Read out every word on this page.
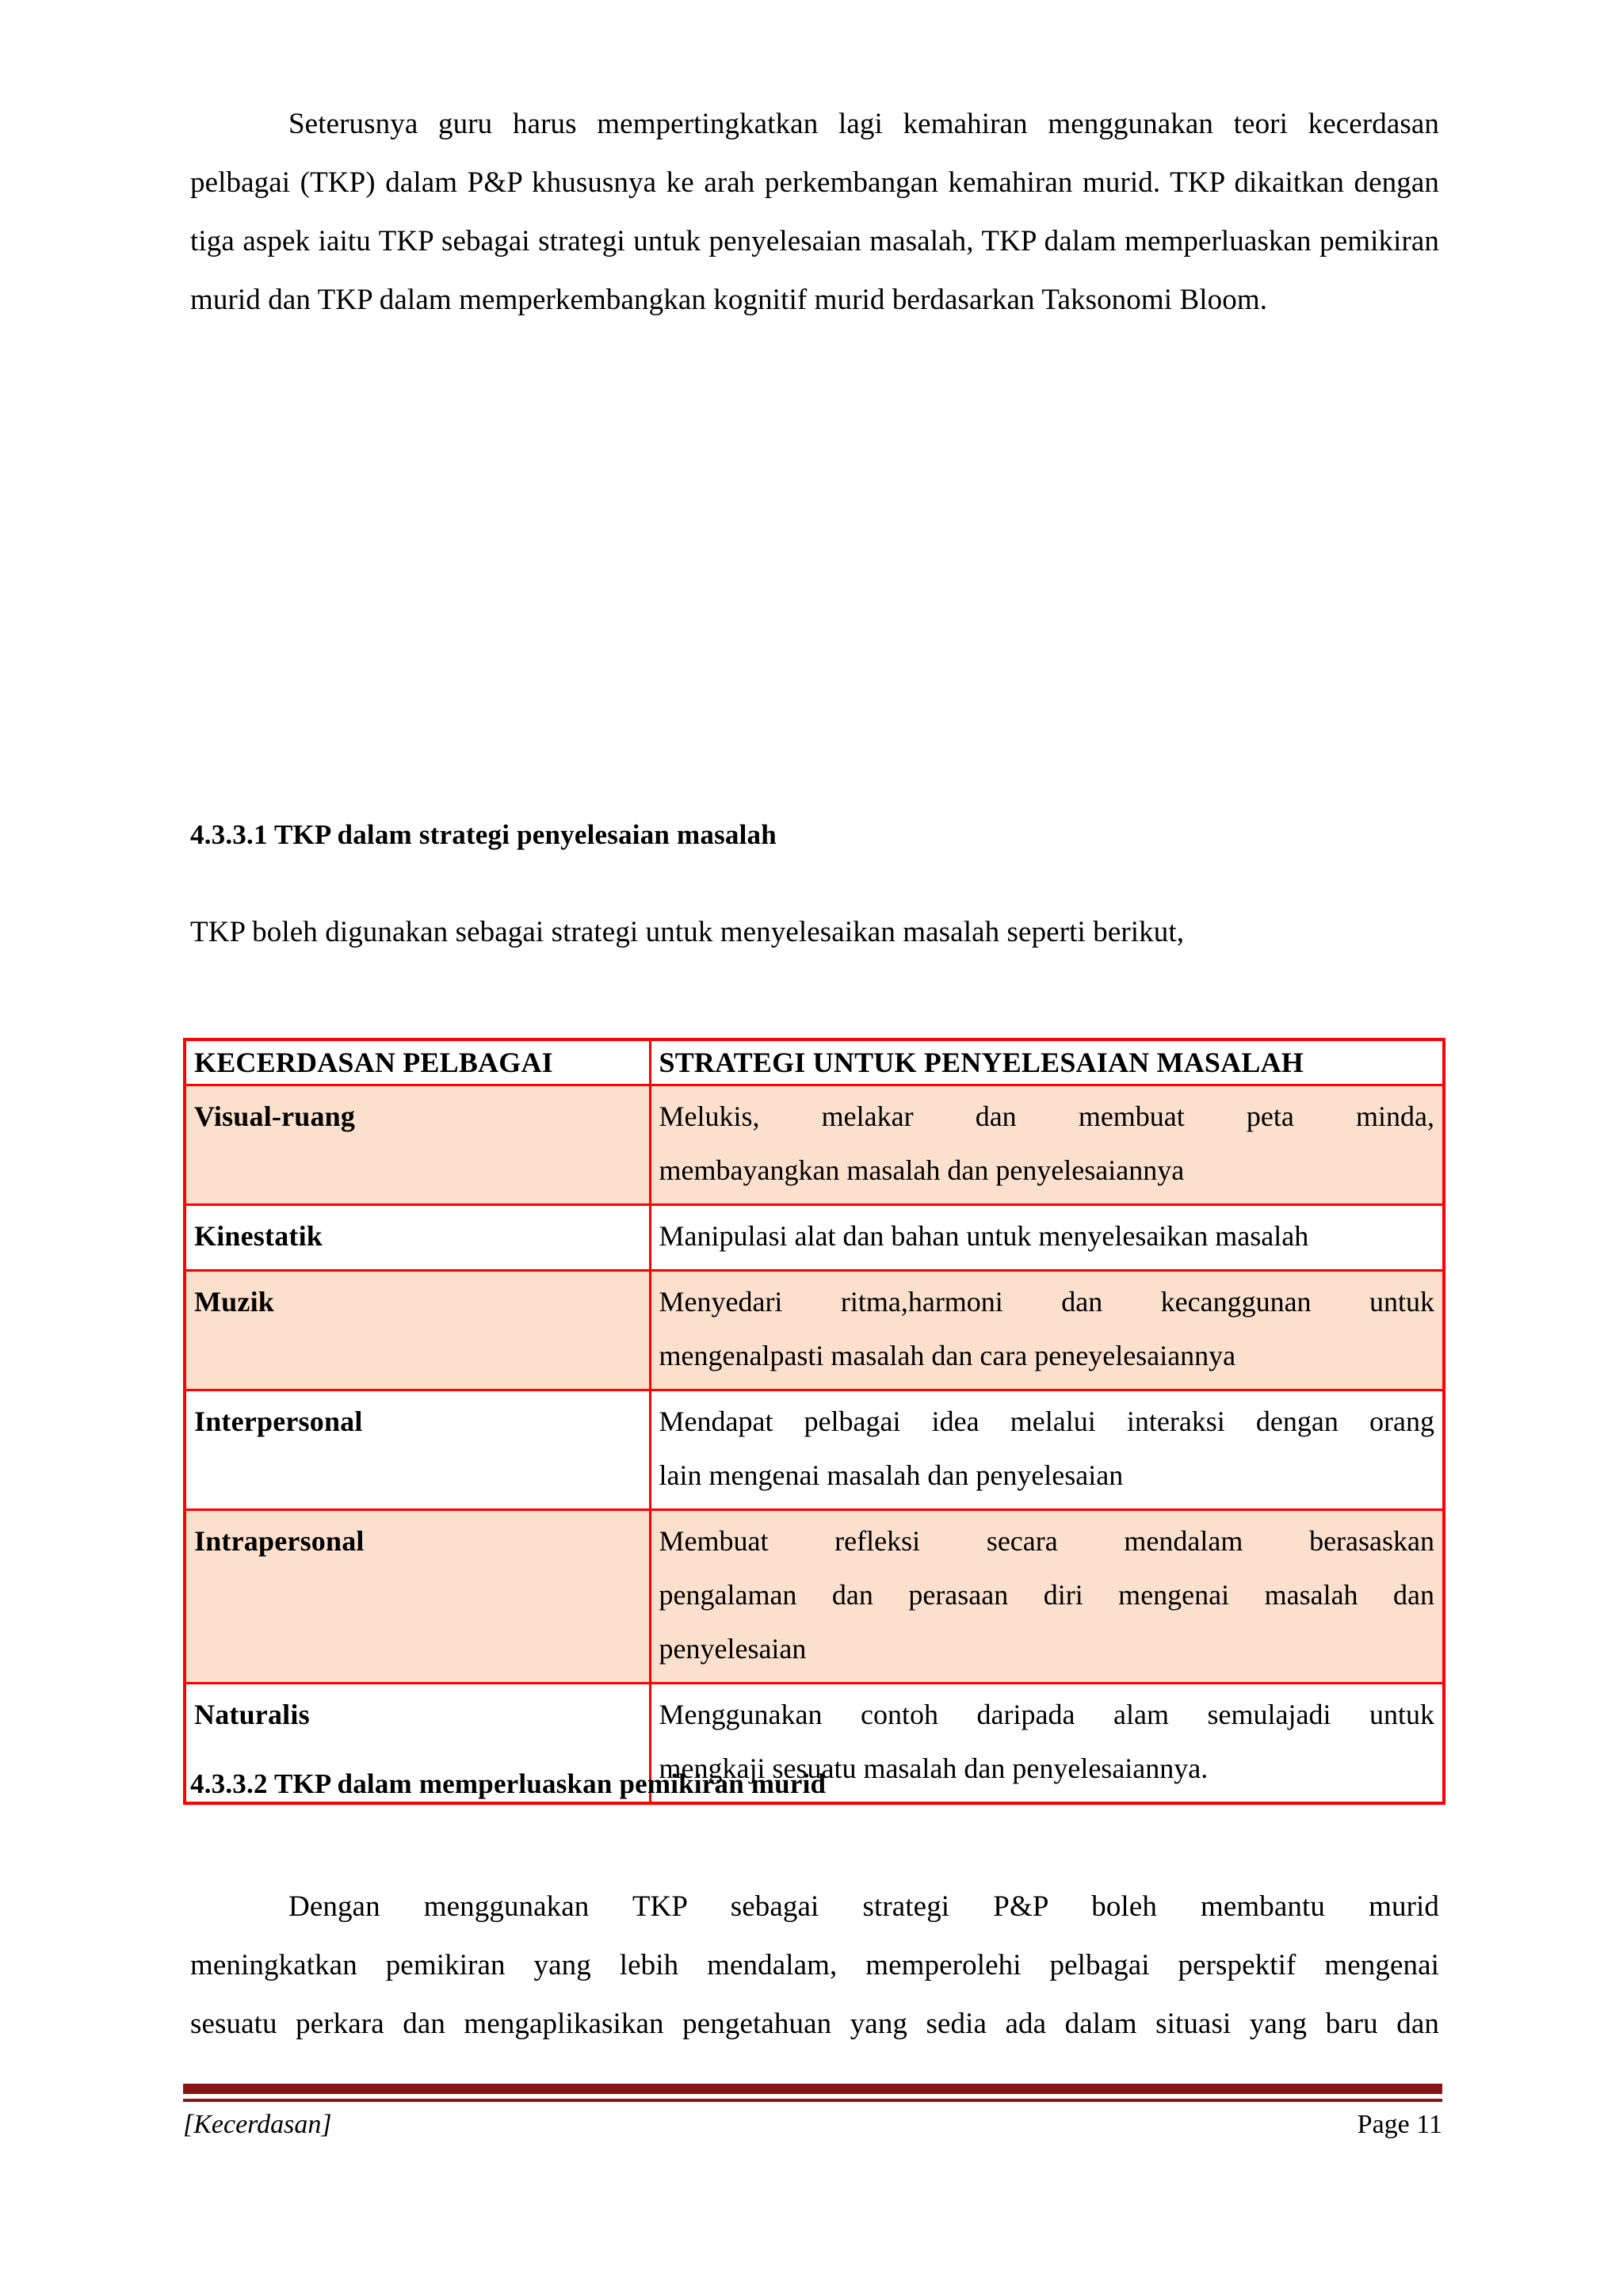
Seterusnya guru harus mempertingkatkan lagi kemahiran menggunakan teori kecerdasan pelbagai (TKP) dalam P&P khususnya ke arah perkembangan kemahiran murid. TKP dikaitkan dengan tiga aspek iaitu TKP sebagai strategi untuk penyelesaian masalah, TKP dalam memperluaskan pemikiran murid dan TKP dalam memperkembangkan kognitif murid berdasarkan Taksonomi Bloom.

4.3.3.1 TKP dalam strategi penyelesaian masalah

TKP boleh digunakan sebagai strategi untuk menyelesaikan masalah seperti berikut,

KECERDASAN PELBAGAI	STRATEGI UNTUK PENYELESAIAN MASALAH
Visual-ruang	Melukis, melakar dan membuat peta minda,
membayangkan masalah dan penyelesaiannya

Kinestatik	Manipulasi alat dan bahan untuk menyelesaikan masalah

Muzik	Menyedari ritma,harmoni dan kecanggunan untuk
mengenalpasti masalah dan cara peneyelesaiannya

Interpersonal	Mendapat pelbagai idea melalui interaksi dengan orang
lain mengenai masalah dan penyelesaian

Intrapersonal	Membuat refleksi secara mendalam berasaskan
pengalaman dan perasaan diri mengenai masalah dan
penyelesaian

Naturalis	Menggunakan contoh daripada alam semulajadi untuk
mengkaji sesuatu masalah dan penyelesaiannya.

4.3.3.2 TKP dalam memperluaskan pemikiran murid

Dengan menggunakan TKP sebagai strategi P&P boleh membantu murid

meningkatkan pemikiran yang lebih mendalam, memperolehi pelbagai perspektif mengenai

sesuatu perkara dan mengaplikasikan pengetahuan yang sedia ada dalam situasi yang baru dan

[Kecerdasan]	Page 11
